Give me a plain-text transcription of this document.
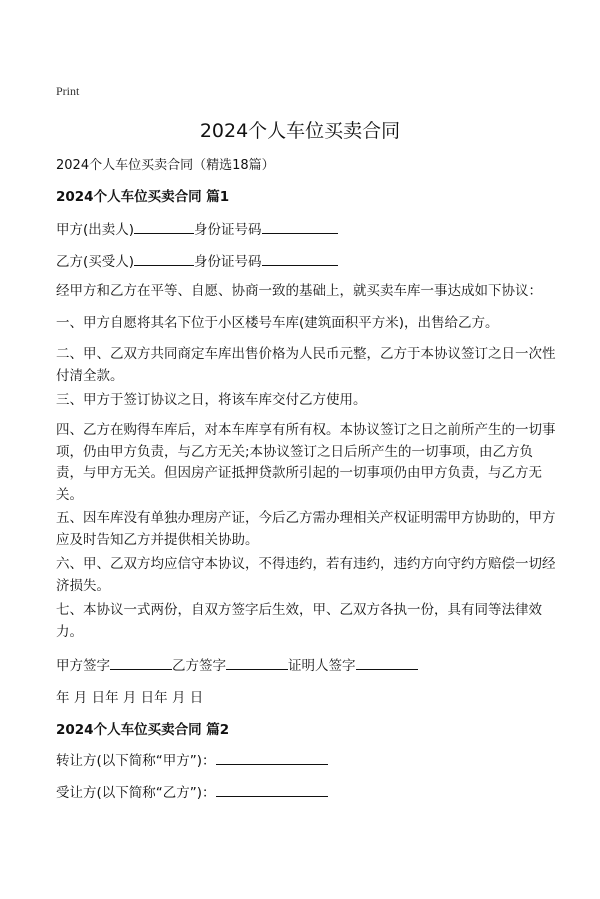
Print
2024个人车位买卖合同
2024个人车位买卖合同（精选18篇）
2024个人车位买卖合同 篇1
甲方(出卖人)	身份证号码
乙方(买受人)	身份证号码
经甲方和乙方在平等、自愿、协商一致的基础上，就买卖车库一事达成如下协议：
一、甲方自愿将其名下位于小区楼号车库(建筑面积平方米)，出售给乙方。
二、甲、乙双方共同商定车库出售价格为人民币元整，乙方于本协议签订之日一次性付清全款。
三、甲方于签订协议之日，将该车库交付乙方使用。
四、乙方在购得车库后，对本车库享有所有权。本协议签订之日之前所产生的一切事项，仍由甲方负责，与乙方无关;本协议签订之日后所产生的一切事项，由乙方负责，与甲方无关。但因房产证抵押贷款所引起的一切事项仍由甲方负责，与乙方无关。
五、因车库没有单独办理房产证，今后乙方需办理相关产权证明需甲方协助的，甲方应及时告知乙方并提供相关协助。
六、甲、乙双方均应信守本协议，不得违约，若有违约，违约方向守约方赔偿一切经济损失。
七、本协议一式两份，自双方签字后生效，甲、乙双方各执一份，具有同等法律效力。
甲方签字	乙方签字	证明人签字
年 月 日年 月 日年 月 日
2024个人车位买卖合同 篇2
转让方(以下简称“甲方”)：
受让方(以下简称“乙方”)：
